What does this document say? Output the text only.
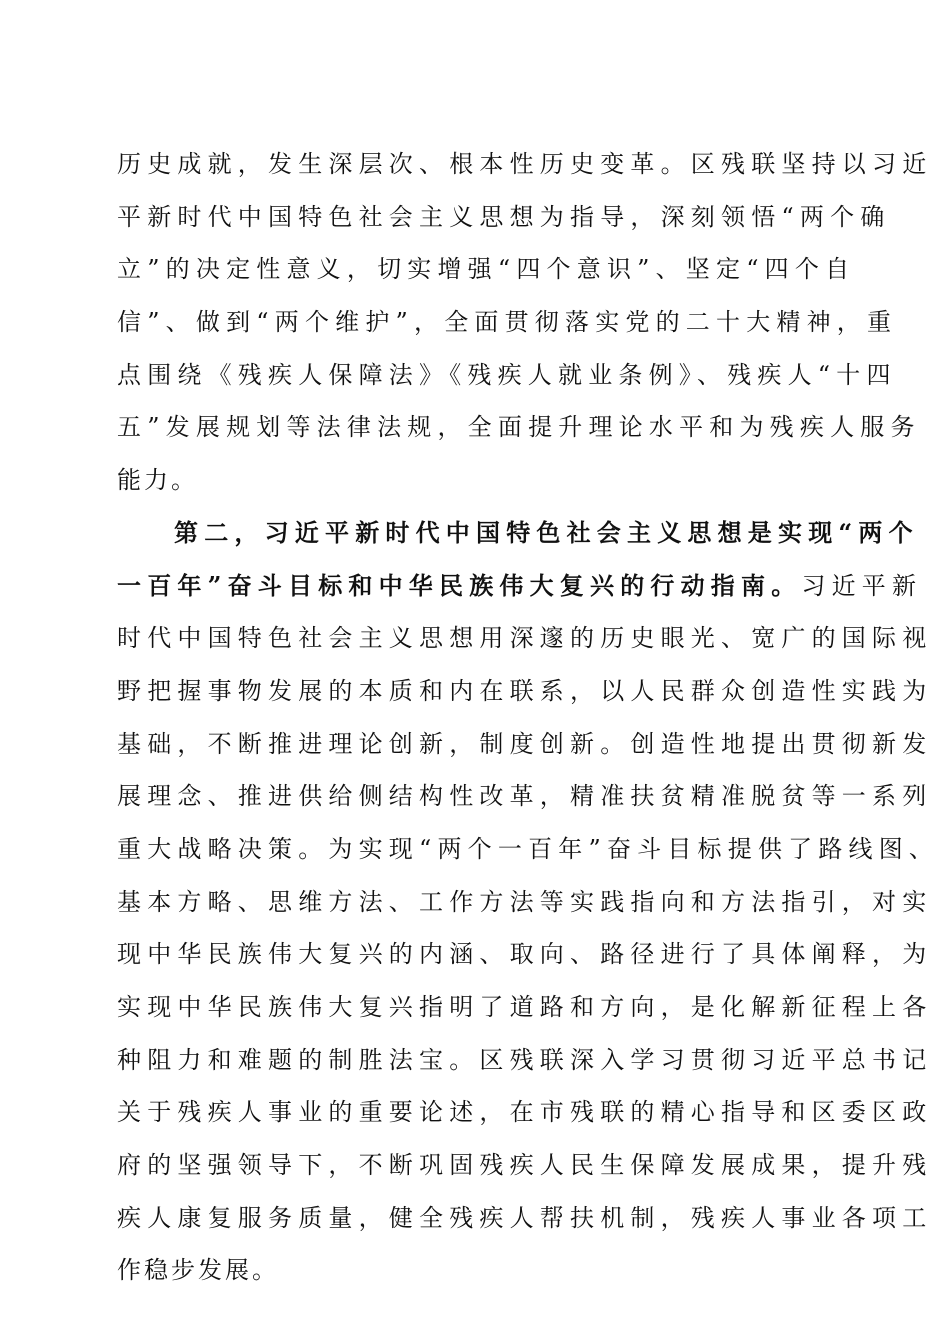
历史成就，发生深层次、根本性历史变革。区残联坚持以习近
平新时代中国特色社会主义思想为指导，深刻领悟“两个确
立”的决定性意义，切实增强“四个意识”、坚定“四个自
信”、做到“两个维护”，全面贯彻落实党的二十大精神，重
点围绕《残疾人保障法》《残疾人就业条例》、残疾人“十四
五”发展规划等法律法规，全面提升理论水平和为残疾人服务
能力。
第二，习近平新时代中国特色社会主义思想是实现“两个
一百年”奋斗目标和中华民族伟大复兴的行动指南。习近平新
时代中国特色社会主义思想用深邃的历史眼光、宽广的国际视
野把握事物发展的本质和内在联系，以人民群众创造性实践为
基础，不断推进理论创新，制度创新。创造性地提出贯彻新发
展理念、推进供给侧结构性改革，精准扶贫精准脱贫等一系列
重大战略决策。为实现“两个一百年”奋斗目标提供了路线图、
基本方略、思维方法、工作方法等实践指向和方法指引，对实
现中华民族伟大复兴的内涵、取向、路径进行了具体阐释，为
实现中华民族伟大复兴指明了道路和方向，是化解新征程上各
种阻力和难题的制胜法宝。区残联深入学习贯彻习近平总书记
关于残疾人事业的重要论述，在市残联的精心指导和区委区政
府的坚强领导下，不断巩固残疾人民生保障发展成果，提升残
疾人康复服务质量，健全残疾人帮扶机制，残疾人事业各项工
作稳步发展。
